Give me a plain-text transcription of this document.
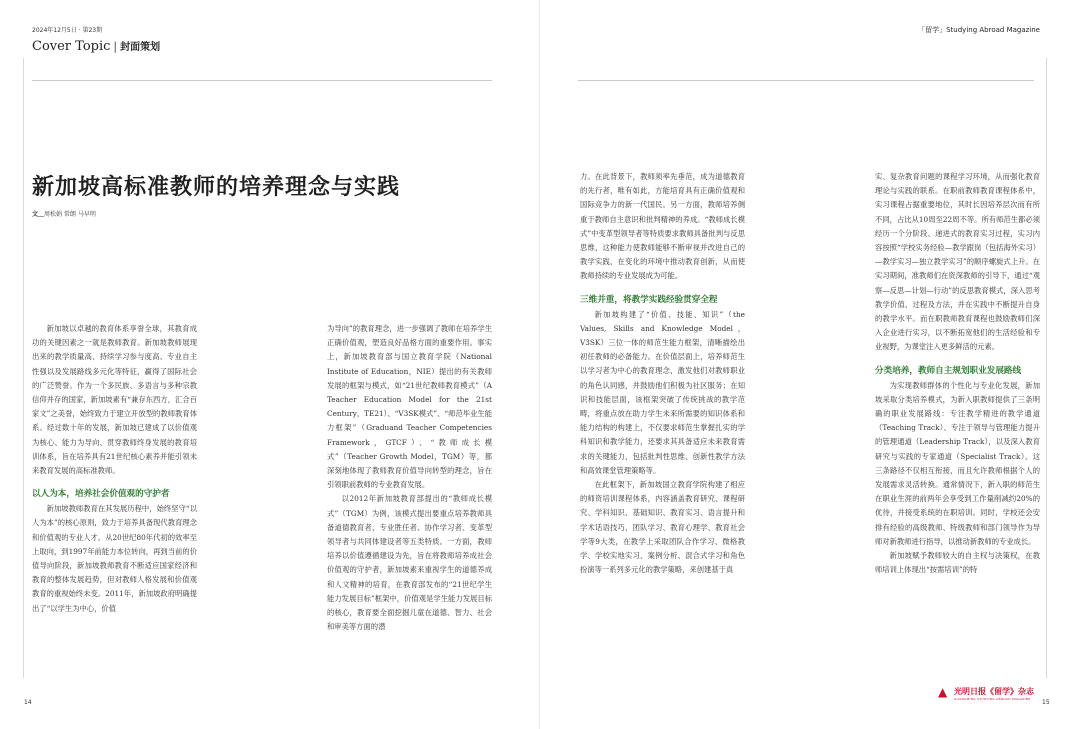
2024年12月5日 · 第23期
Cover Topic | 封面策划
新加坡高标准教师的培养理念与实践
文＿周松娟 常朗 马早明

新加坡以卓越的教育体系享誉全球，其教育成功的关键因素之一就是教师教育。新加坡教师展现出来的教学质量高、持续学习参与度高、专业自主性强以及发展路线多元化等特征，赢得了国际社会的广泛赞誉。作为一个多民族、多语言与多种宗教信仰并存的国家，新加坡素有“兼存东西方，汇合百家文”之美誉，始终致力于建立开放型的教师教育体系。经过数十年的发展，新加坡已建成了以价值观为核心、能力为导向、贯穿教师终身发展的教育培训体系，旨在培养具有21世纪核心素养并能引领未来教育发展的高标准教师。

以人为本，培养社会价值观的守护者

新加坡教师教育在其发展历程中，始终坚守“以人为本”的核心原则，致力于培养具备现代教育理念和价值观的专业人才。从20世纪80年代初的效率至上取向，到1997年前能力本位转向，再到当前的价值导向阶段，新加坡教师教育不断适应国家经济和教育的整体发展趋势，但对教师人格发展和价值观教育的重视始终未变。2011年，新加坡政府明确提出了“以学生为中心，价值

为导向”的教育理念，进一步强调了教师在培养学生正确价值观，塑造良好品格方面的重要作用。事实上，新加坡教育部与国立教育学院（National Institute of Education，NIE）提出的有关教师发展的框架与模式，如“21世纪教师教育模式”（A Teacher Education Model for the 21st Century，TE21）、“V3SK模式”、“师范毕业生能力框架”（Graduand Teacher Competencies Framework，GTCF）、“教师成长模式”（Teacher Growth Model，TGM）等，都深刻地体现了教师教育价值导向转型的理念，旨在引领职前教师的专业教育发展。

以2012年新加坡教育部提出的“教师成长模式”（TGM）为例，该模式提出要重点培养教师具备道德教育者、专业胜任者、协作学习者、变革型领导者与共同体建设者等五类特质。一方面，教师培养以价值遵循建设为先，旨在将教师培养成社会价值观的守护者，新加坡素来重视学生的道德养成和人文精神的培育，在教育部发布的“21世纪学生能力发展目标”框架中，价值观是学生能力发展目标的核心，教育要全面挖掘儿童在道德、智力、社会和审美等方面的潜

14
「留学」Studying Abroad Magazine

力。在此背景下，教师须率先垂范，成为道德教育的先行者，唯有如此，方能培育具有正确价值观和国际竞争力的新一代国民。另一方面，教师培养侧重于教师自主意识和批判精神的养成。“教师成长模式”中变革型领导者等特质要求教师具备批判与反思思维，这种能力使教师能够不断审视并改进自己的教学实践，在变化的环境中推动教育创新，从而使教师持续的专业发展成为可能。

三维并重，将教学实践经验贯穿全程

新加坡构建了“价值、技能、知识”（the Values, Skills and Knowledge Model，V3SK）三位一体的师范生能力框架，清晰描绘出初任教师的必备能力。在价值层面上，培养师范生以学习者为中心的教育理念，激发他们对教师职业的角色认同感，并鼓励他们积极为社区服务；在知识和技能层面，该框架突破了传统挑战的教学范畴，将重点放在助力学生未来所需要的知识体系和能力结构的构建上，不仅要求师范生掌握扎实的学科知识和教学能力，还要求其具备适应未来教育需求的关键能力，包括批判性思维、创新性教学方法和高效课堂管理策略等。

在此框架下，新加坡国立教育学院构建了相应的师资培训课程体系，内容涵盖教育研究、课程研究、学科知识、基础知识、教育实习、语言提升和学术话语技巧、团队学习、教育心理学、教育社会学等9大类，在教学上采取团队合作学习、微格教学、学校实地实习、案例分析、混合式学习和角色扮演等一系列多元化的教学策略，来创建基于真

实、复杂教育问题的课程学习环境，从而强化教育理论与实践的联系。在职前教师教育课程体系中，实习课程占据重要地位，其时长因培养层次而有所不同，占比从10周至22周不等。所有师范生都必须经历一个分阶段、递进式的教育实习过程，实习内容按照“学校实务经验—教学跟岗（包括海外实习）—教学实习—独立教学实习”的顺序螺旋式上升。在实习期间，准教师们在资深教师的引导下，通过“观察—反思—计划—行动”的反思教育模式，深入思考教学价值、过程及方法，并在实践中不断提升自身的教学水平。而在职教师教育课程也鼓励教师们深入企业进行实习，以不断拓宽他们的生活经验和专业视野，为课堂注入更多鲜活的元素。

分类培养，教师自主规划职业发展路线

为实现教师群体的个性化与专业化发展，新加坡采取分类培养模式，为新入职教师提供了三条明确的职业发展路线：专注教学精进的教学通道（Teaching Track）、专注于领导与管理能力提升的管理通道（Leadership Track），以及深入教育研究与实践的专家通道（Specialist Track）。这三条路径不仅相互衔接，而且允许教师根据个人的发展需求灵活转换。通常情况下，新入职的师范生在职业生涯的前两年会享受到工作量削减约20%的优待，并接受系统的在职培训。同时，学校还会安排有经验的高级教师、特级教师和部门领导作为导师对新教师进行指导，以推动新教师的专业成长。

新加坡赋予教师较大的自主权与决策权，在教师培训上体现出“按需培训”的特

15
▲ 光明日报《留学》杂志
GUANGMING STUDYING ABROAD MAGAZINE
